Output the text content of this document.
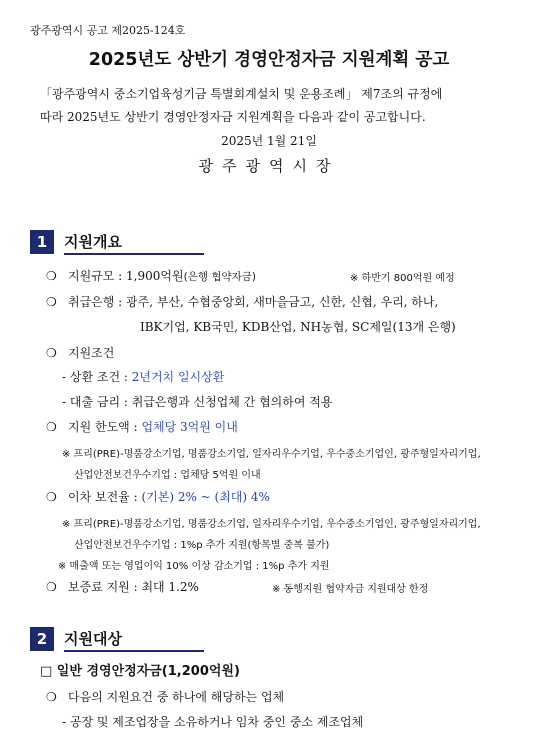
광주광역시 공고 제2025-124호
2025년도 상반기 경영안정자금 지원계획 공고
「광주광역시 중소기업육성기금 특별회계설치 및 운용조례」 제7조의 규정에
따라 2025년도 상반기 경영안정자금 지원계획을 다음과 같이 공고합니다.
2025년 1월 21일
광주광역시장
1	지원개요
❍ 지원규모 : 1,900억원(은행 협약자금)	※ 하반기 800억원 예정
❍ 취급은행 : 광주, 부산, 수협중앙회, 새마을금고, 신한, 신협, 우리, 하나,
IBK기업, KB국민, KDB산업, NH농협, SC제일(13개 은행)
❍ 지원조건
- 상환 조건 : 2년거치 일시상환
- 대출 금리 : 취급은행과 신청업체 간 협의하여 적용
❍ 지원 한도액 : 업체당 3억원 이내
※ 프리(PRE)-명품강소기업, 명품강소기업, 일자리우수기업, 우수중소기업인, 광주형일자리기업,
산업안전보건우수기업 : 업체당 5억원 이내
❍ 이차 보전율 : (기본) 2% ~ (최대) 4%
※ 프리(PRE)-명품강소기업, 명품강소기업, 일자리우수기업, 우수중소기업인, 광주형일자리기업,
산업안전보건우수기업 : 1%p 추가 지원(항목별 중복 불가)
※ 매출액 또는 영업이익 10% 이상 감소기업 : 1%p 추가 지원
❍ 보증료 지원 : 최대 1.2%	※ 동행지원 협약자금 지원대상 한정
2	지원대상
□ 일반 경영안정자금(1,200억원)
❍ 다음의 지원요건 중 하나에 해당하는 업체
- 공장 및 제조업장을 소유하거나 임차 중인 중소 제조업체
